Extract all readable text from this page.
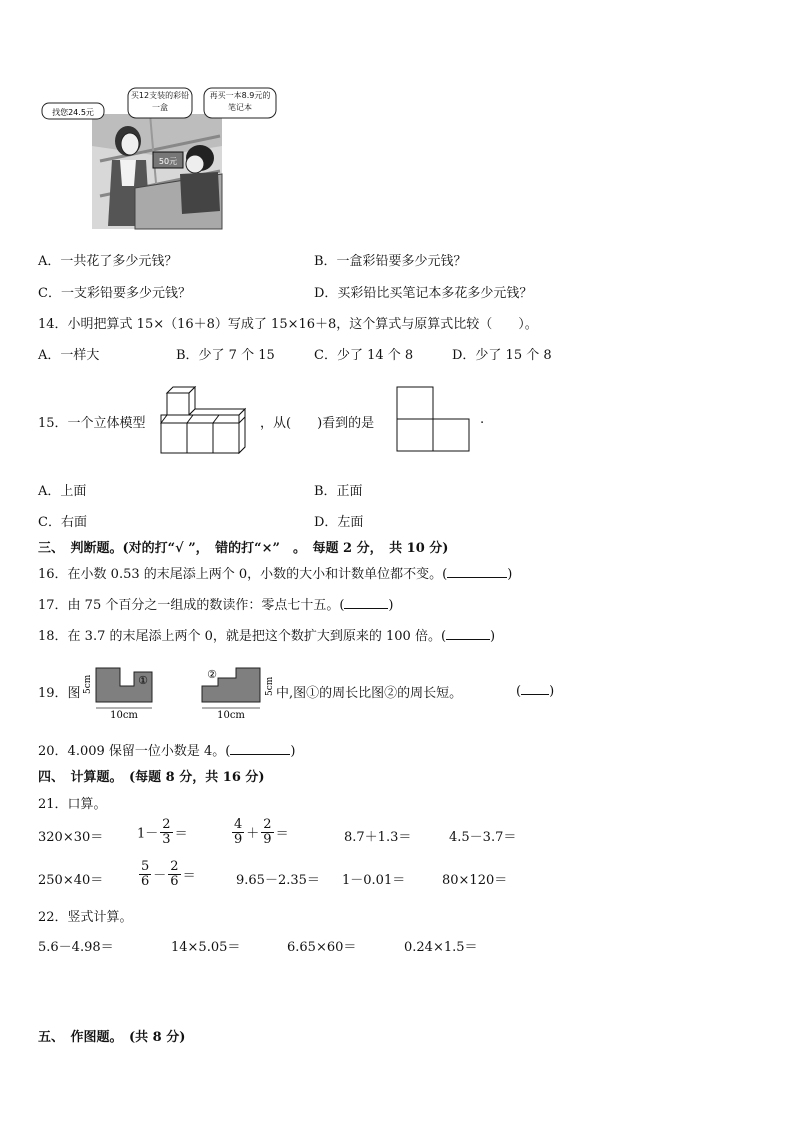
50元
找您24.5元
买12支装的彩铅一盒
再买一本8.9元的笔记本
A．一共花了多少元钱？	B．一盒彩铅要多少元钱？
C．一支彩铅要多少元钱？	D．买彩铅比买笔记本多花多少元钱？
14．小明把算式 15×（16＋8）写成了 15×16＋8，这个算式与原算式比较（　　）。
A．一样大	B．少了 7 个 15	C．少了 14 个 8	D．少了 15 个 8
15．一个立体模型	，从(　　)看到的是	.
A．上面	B．正面
C．右面	D．左面
三、　判断题。(对的打“√ ”，　错的打“×”　。　每题 2 分，　共 10 分)
16．在小数 0.53 的末尾添上两个 0，小数的大小和计数单位都不变。(	)
17．由 75 个百分之一组成的数读作：零点七十五。(	)
18．在 3.7 的末尾添上两个 0，就是把这个数扩大到原来的 100 倍。(	)
19．图
①
5cm
10cm
②
5cm
10cm
中,图①的周长比图②的周长短。	( )
20．4.009 保留一位小数是 4。(	)
四、　计算题。　(每题 8 分，共 16 分)
21．口算。
320×30＝	$1- \frac{2}{3}$ ＝	$\frac{4}{9} + \frac{2}{9}$ ＝	8.7＋1.3＝	4.5－3.7＝
250×40＝	$\frac{5}{6} - \frac{2}{6}$ ＝	9.65－2.35＝ 1－0.01＝	80×120＝
22．竖式计算。
5.6－4.98＝	14×5.05＝	6.65×60＝	0.24×1.5＝
五、　作图题。　(共 8 分)
